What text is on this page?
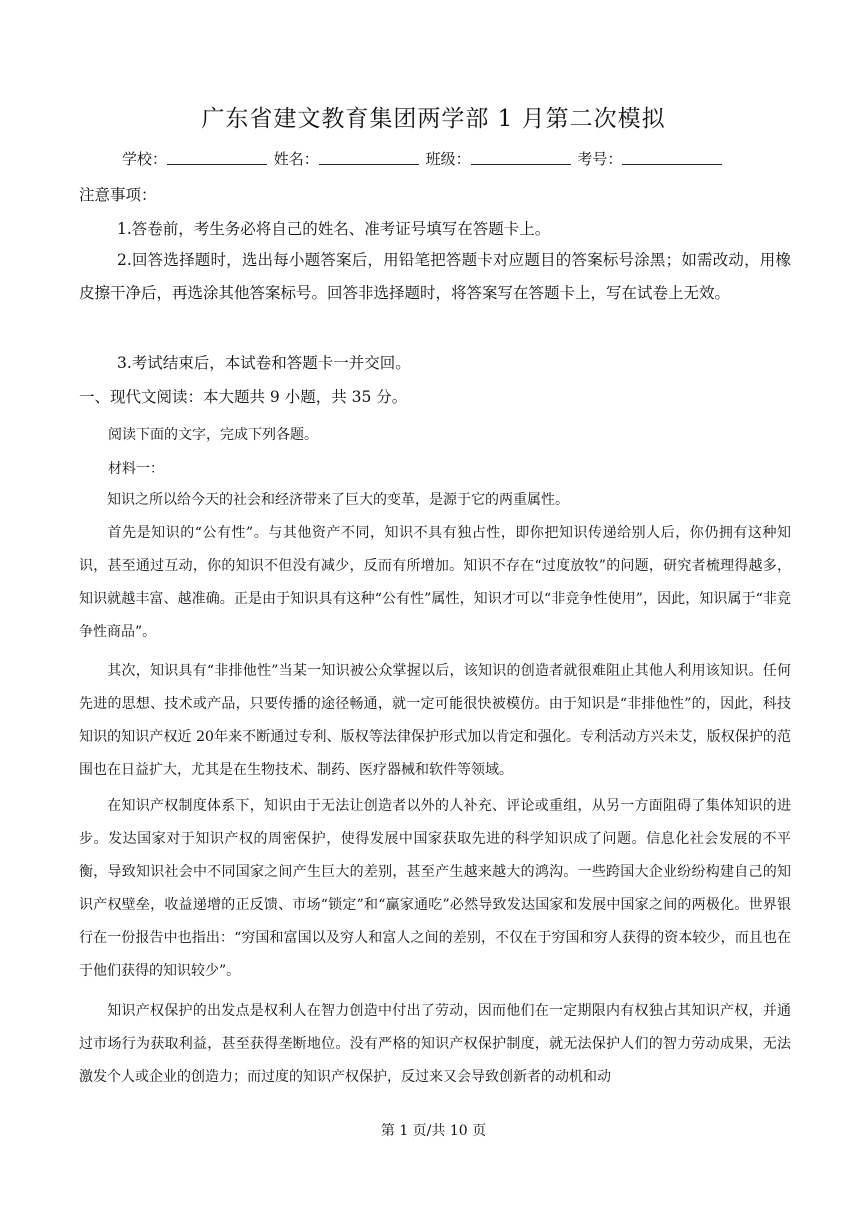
广东省建文教育集团两学部 1 月第二次模拟
学校：	姓名：	班级：	考号：
注意事项：
1.答卷前，考生务必将自己的姓名、准考证号填写在答题卡上。
2.回答选择题时，选出每小题答案后，用铅笔把答题卡对应题目的答案标号涂黑；如需改动，用橡皮擦干净后，再选涂其他答案标号。回答非选择题时，将答案写在答题卡上，写在试卷上无效。
3.考试结束后，本试卷和答题卡一并交回。
一、现代文阅读：本大题共 9 小题，共 35 分。
阅读下面的文字，完成下列各题。
材料一：
知识之所以给今天的社会和经济带来了巨大的变革，是源于它的两重属性。
首先是知识的“公有性”。与其他资产不同，知识不具有独占性，即你把知识传递给别人后，你仍拥有这种知识，甚至通过互动，你的知识不但没有减少，反而有所增加。知识不存在“过度放牧”的问题，研究者梳理得越多，知识就越丰富、越准确。正是由于知识具有这种“公有性”属性，知识才可以“非竞争性使用”，因此，知识属于“非竞争性商品”。
其次，知识具有“非排他性”当某一知识被公众掌握以后，该知识的创造者就很难阻止其他人利用该知识。任何先进的思想、技术或产品，只要传播的途径畅通，就一定可能很快被模仿。由于知识是“非排他性”的，因此，科技知识的知识产权近 20年来不断通过专利、版权等法律保护形式加以肯定和强化。专利活动方兴未艾，版权保护的范围也在日益扩大，尤其是在生物技术、制药、医疗器械和软件等领域。
在知识产权制度体系下，知识由于无法让创造者以外的人补充、评论或重组，从另一方面阻碍了集体知识的进步。发达国家对于知识产权的周密保护，使得发展中国家获取先进的科学知识成了问题。信息化社会发展的不平衡，导致知识社会中不同国家之间产生巨大的差别，甚至产生越来越大的鸿沟。一些跨国大企业纷纷构建自己的知识产权壁垒，收益递增的正反馈、市场“锁定”和“赢家通吃”必然导致发达国家和发展中国家之间的两极化。世界银行在一份报告中也指出：“穷国和富国以及穷人和富人之间的差别，不仅在于穷国和穷人获得的资本较少，而且也在于他们获得的知识较少”。
知识产权保护的出发点是权利人在智力创造中付出了劳动，因而他们在一定期限内有权独占其知识产权，并通过市场行为获取利益，甚至获得垄断地位。没有严格的知识产权保护制度，就无法保护人们的智力劳动成果，无法激发个人或企业的创造力；而过度的知识产权保护，反过来又会导致创新者的动机和动
第 1 页/共 10 页
